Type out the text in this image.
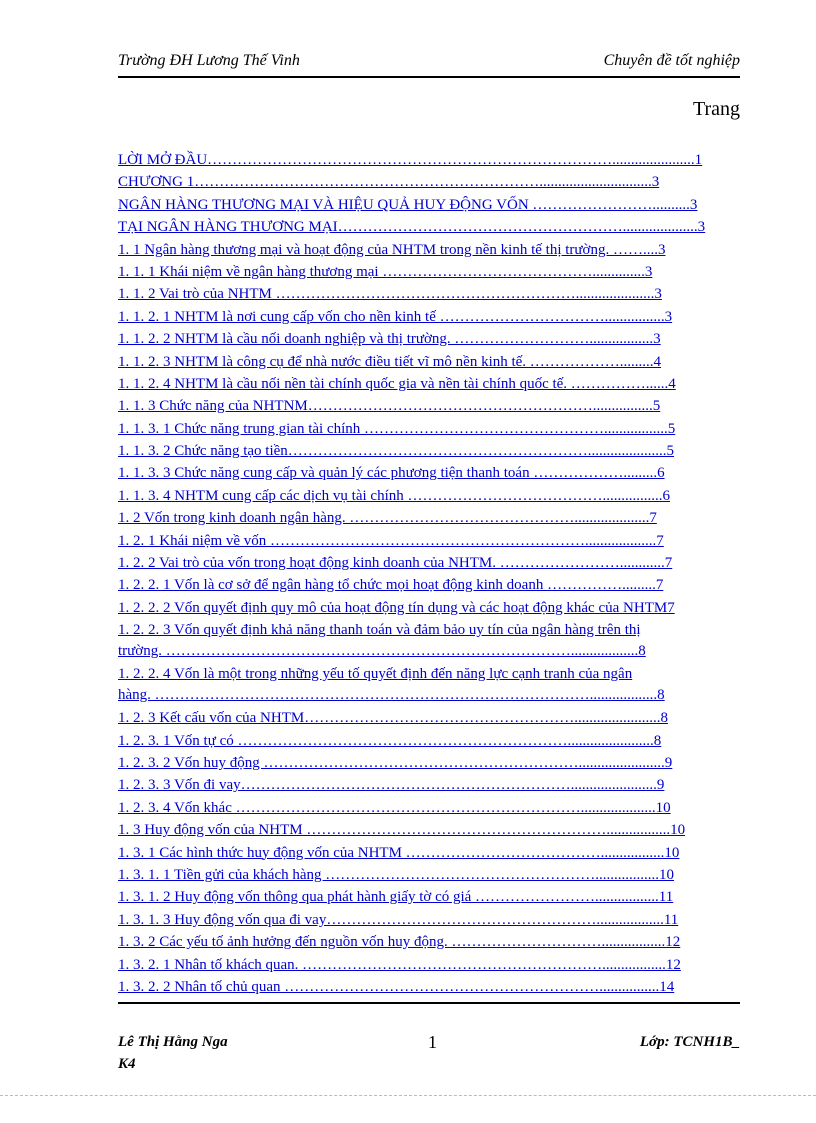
Trường ĐH Lương Thế Vinh	Chuyên đề tốt nghiệp
Trang
LỜI MỞ ĐẦU………………………………………………………………………......................1
CHƯƠNG 1……………………………………………………………..............................3
NGÂN HÀNG THƯƠNG MẠI VÀ HIỆU QUẢ HUY ĐỘNG VỐN ……………………..........3
TẠI NGÂN HÀNG THƯƠNG MẠI…………………………………………………....................3
1. 1 Ngân hàng thương mại và hoạt động của NHTM trong nền kinh tế thị trường. ……....3
1. 1. 1 Khái niệm về ngân hàng thương mại ……………………………………..............3
1. 1. 2 Vai trò của NHTM …………………………………………………….....................3
1. 1. 2. 1 NHTM là nơi cung cấp vốn cho nền kinh tế ……………………………................3
1. 1. 2. 2 NHTM là cầu nối doanh nghiệp và thị trường. ……………………….................3
1. 1. 2. 3 NHTM là công cụ để nhà nước điều tiết vĩ mô nền kinh tế. ……………….........4
1. 1. 2. 4 NHTM là cầu nối nền tài chính quốc gia và nền tài chính quốc tế. ……………......4
1. 1. 3 Chức năng của NHTNM…………………………………………………................5
1. 1. 3. 1 Chức năng trung gian tài chính ………………………………………….................5
1. 1. 3. 2 Chức năng tạo tiền…………………………………………………….....................5
1. 1. 3. 3 Chức năng cung cấp và quản lý các phương tiện thanh toán ……………….........6
1. 1. 3. 4 NHTM cung cấp các dịch vụ tài chính …………………………………................6
1. 2 Vốn trong kinh doanh ngân hàng. ………………………………………....................7
1. 2. 1 Khái niệm về vốn ………………………………………………………...................7
1. 2. 2 Vai trò của vốn trong hoạt động kinh doanh của NHTM. ……………………............7
1. 2. 2. 1 Vốn là cơ sở để ngân hàng tổ chức mọi hoạt động kinh doanh …………….........7
1. 2. 2. 2 Vốn quyết định quy mô của hoạt động tín dụng và các hoạt động khác của NHTM7
1. 2. 2. 3 Vốn quyết định khả năng thanh toán và đảm bảo uy tín của ngân hàng trên thị
trường. ………………………………………………………………………..................8
1. 2. 2. 4 Vốn là một trong những yếu tố quyết định đến năng lực cạnh tranh của ngân
hàng. ……………………………………………………………………………..................8
1. 2. 3 Kết cấu vốn của NHTM……………………………………………….......................8
1. 2. 3. 1 Vốn tự có ………………………………………………………….......................8
1. 2. 3. 2 Vốn huy động ……………………………………………………….......................9
1. 2. 3. 3 Vốn đi vay………………………………………………………….......................9
1. 2. 3. 4 Vốn khác ……………………………………………………………....................10
1. 3 Huy động vốn của NHTM …………………………………………………….................10
1. 3. 1 Các hình thức huy động vốn của NHTM ………………………………….................10
1. 3. 1. 1 Tiền gửi của khách hàng ……………………………………………….................10
1. 3. 1. 2 Huy động vốn thông qua phát hành giấy tờ có giá …………………….................11
1. 3. 1. 3 Huy động vốn qua đi vay………………………………………………..................11
1. 3. 2 Các yếu tố ảnh hưởng đến nguồn vốn huy động. ………………………….................12
1. 3. 2. 1 Nhân tố khách quan. …………………………………………………….................12
1. 3. 2. 2 Nhân tố chủ quan ………………………………………………………................14
Lê Thị Hằng Nga
K4
1	Lớp: TCNH1B_
